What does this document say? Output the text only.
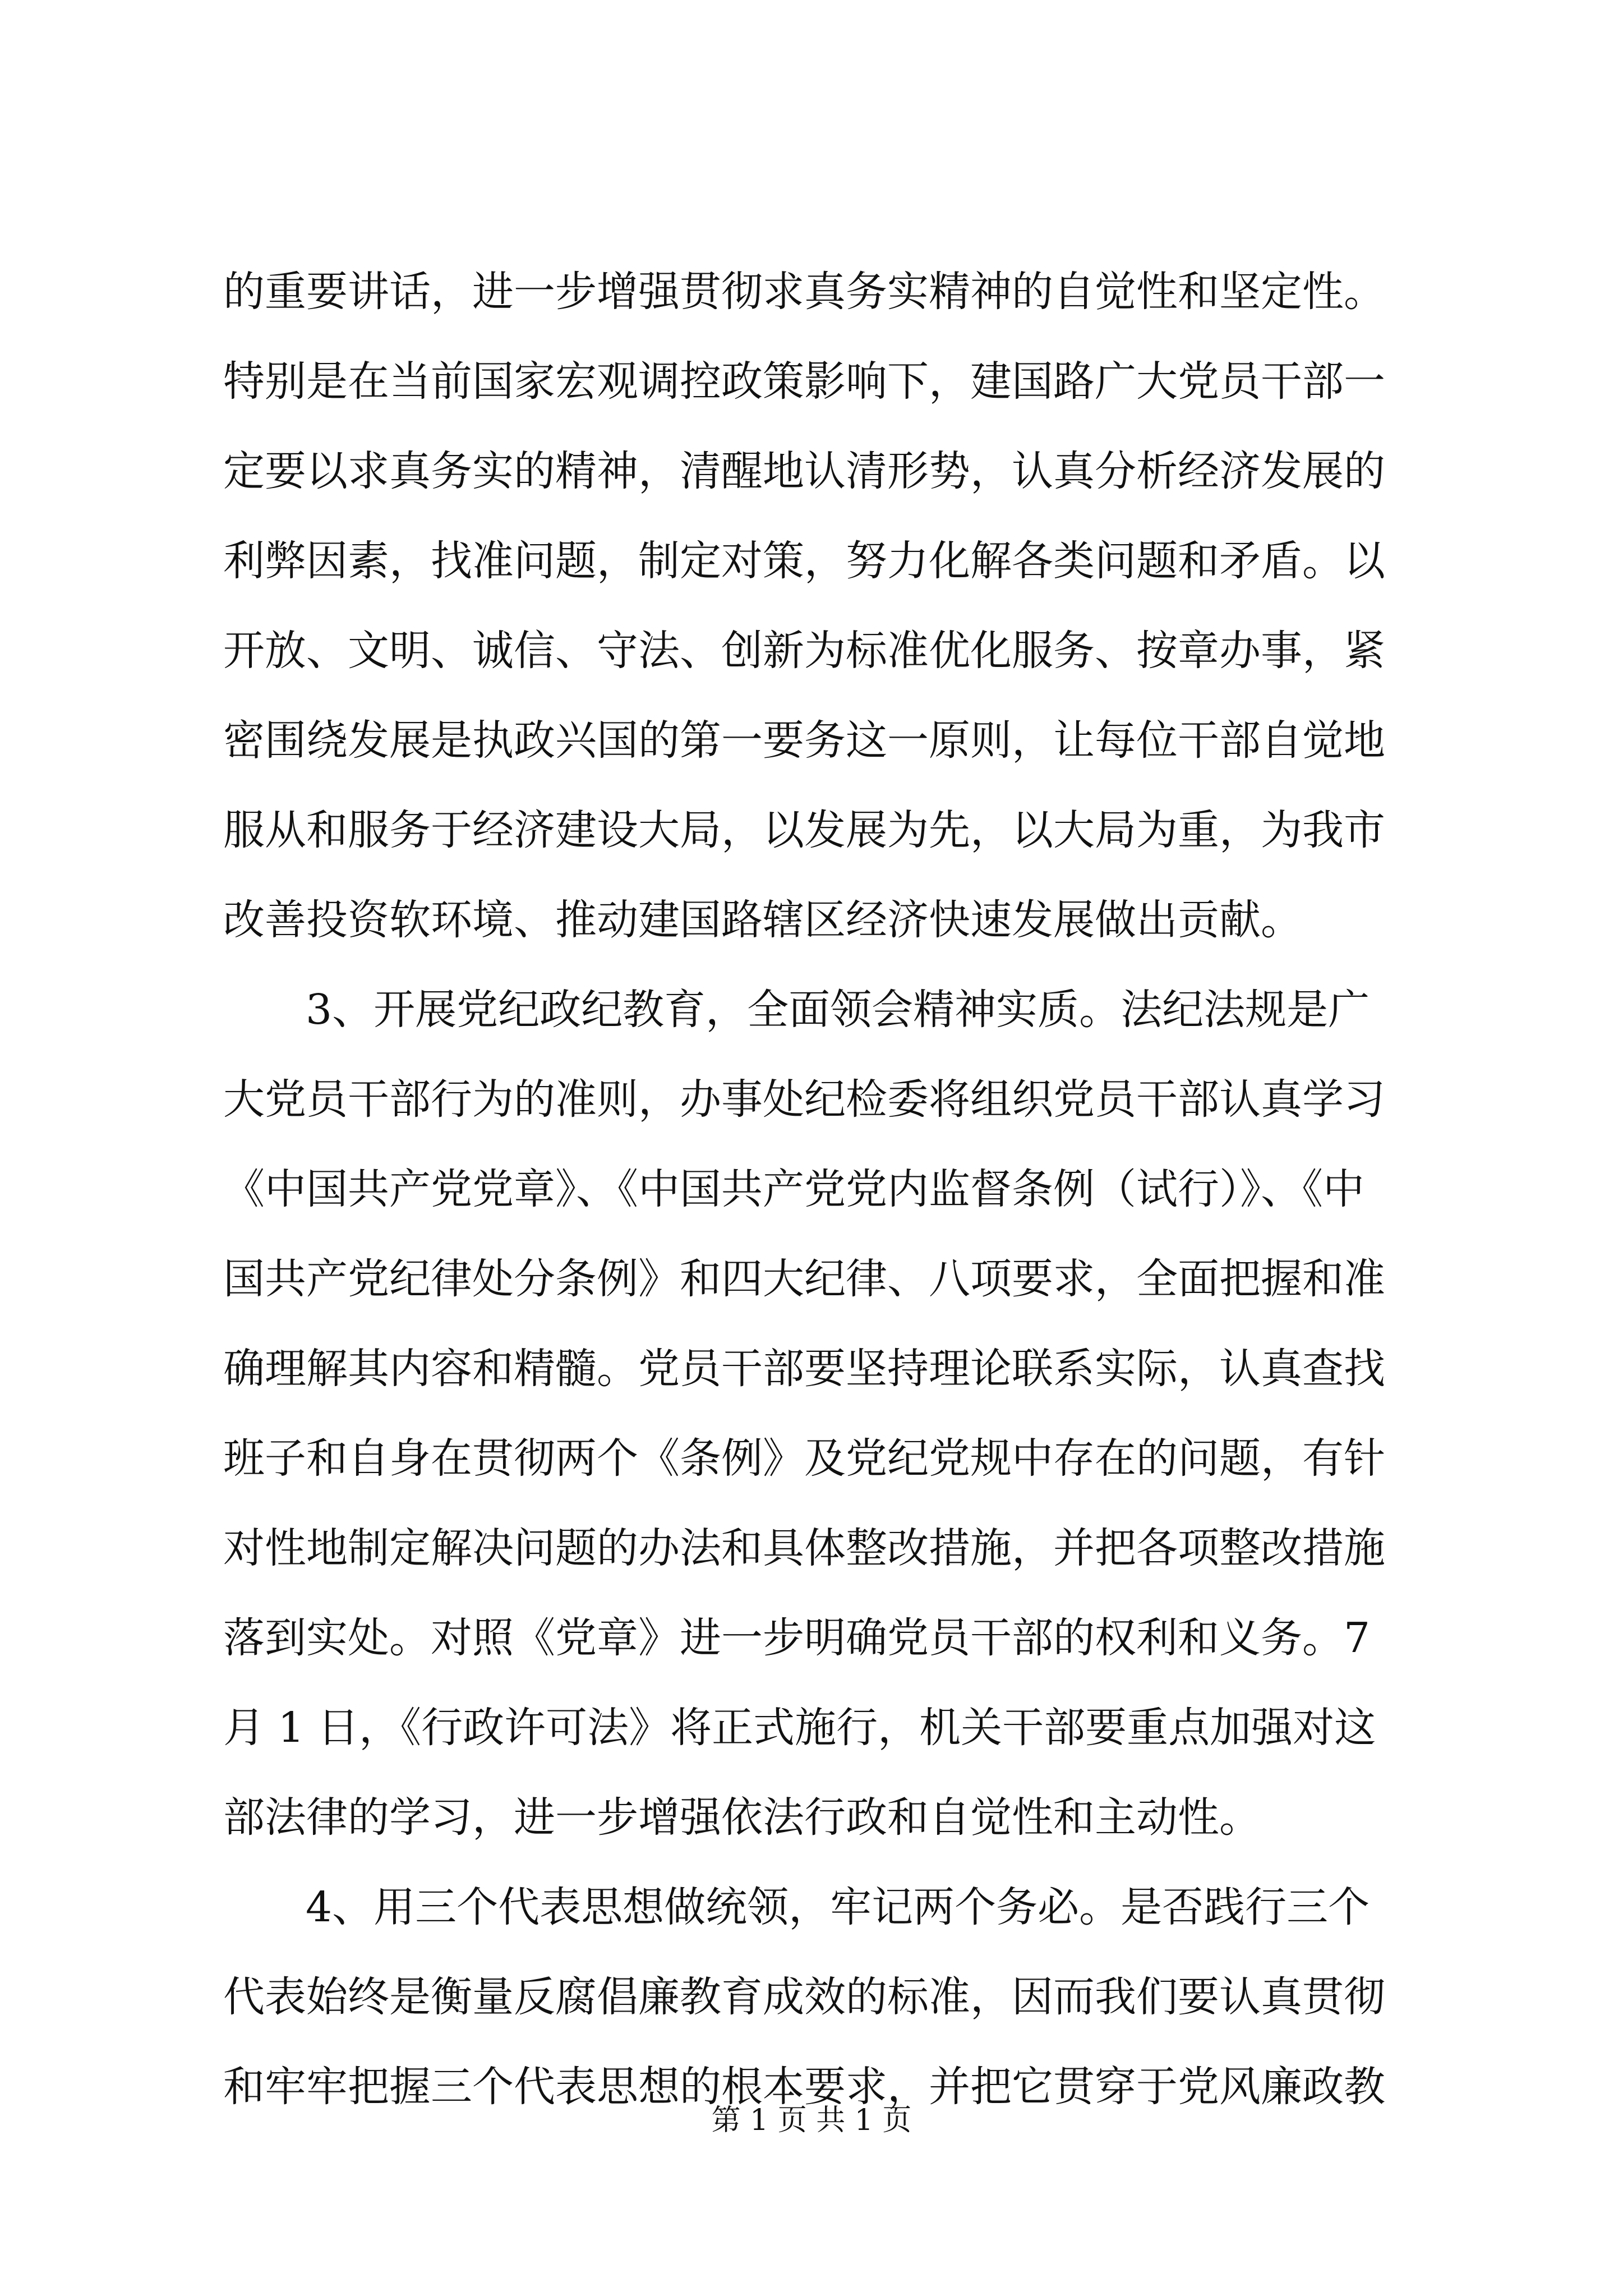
的重要讲话，进一步增强贯彻求真务实精神的自觉性和坚定性。
特别是在当前国家宏观调控政策影响下，建国路广大党员干部一
定要以求真务实的精神，清醒地认清形势，认真分析经济发展的
利弊因素，找准问题，制定对策，努力化解各类问题和矛盾。以
开放、文明、诚信、守法、创新为标准优化服务、按章办事，紧
密围绕发展是执政兴国的第一要务这一原则，让每位干部自觉地
服从和服务于经济建设大局，以发展为先，以大局为重，为我市
改善投资软环境、推动建国路辖区经济快速发展做出贡献。
3、开展党纪政纪教育，全面领会精神实质。法纪法规是广
大党员干部行为的准则，办事处纪检委将组织党员干部认真学习
《中国共产党党章》、《中国共产党党内监督条例（试行）》、《中
国共产党纪律处分条例》和四大纪律、八项要求，全面把握和准
确理解其内容和精髓。党员干部要坚持理论联系实际，认真查找
班子和自身在贯彻两个《条例》及党纪党规中存在的问题，有针
对性地制定解决问题的办法和具体整改措施，并把各项整改措施
落到实处。对照《党章》进一步明确党员干部的权利和义务。7
月 1 日，《行政许可法》将正式施行，机关干部要重点加强对这
部法律的学习，进一步增强依法行政和自觉性和主动性。
4、用三个代表思想做统领，牢记两个务必。是否践行三个
代表始终是衡量反腐倡廉教育成效的标准，因而我们要认真贯彻
和牢牢把握三个代表思想的根本要求，并把它贯穿于党风廉政教
第 1 页 共 1 页
